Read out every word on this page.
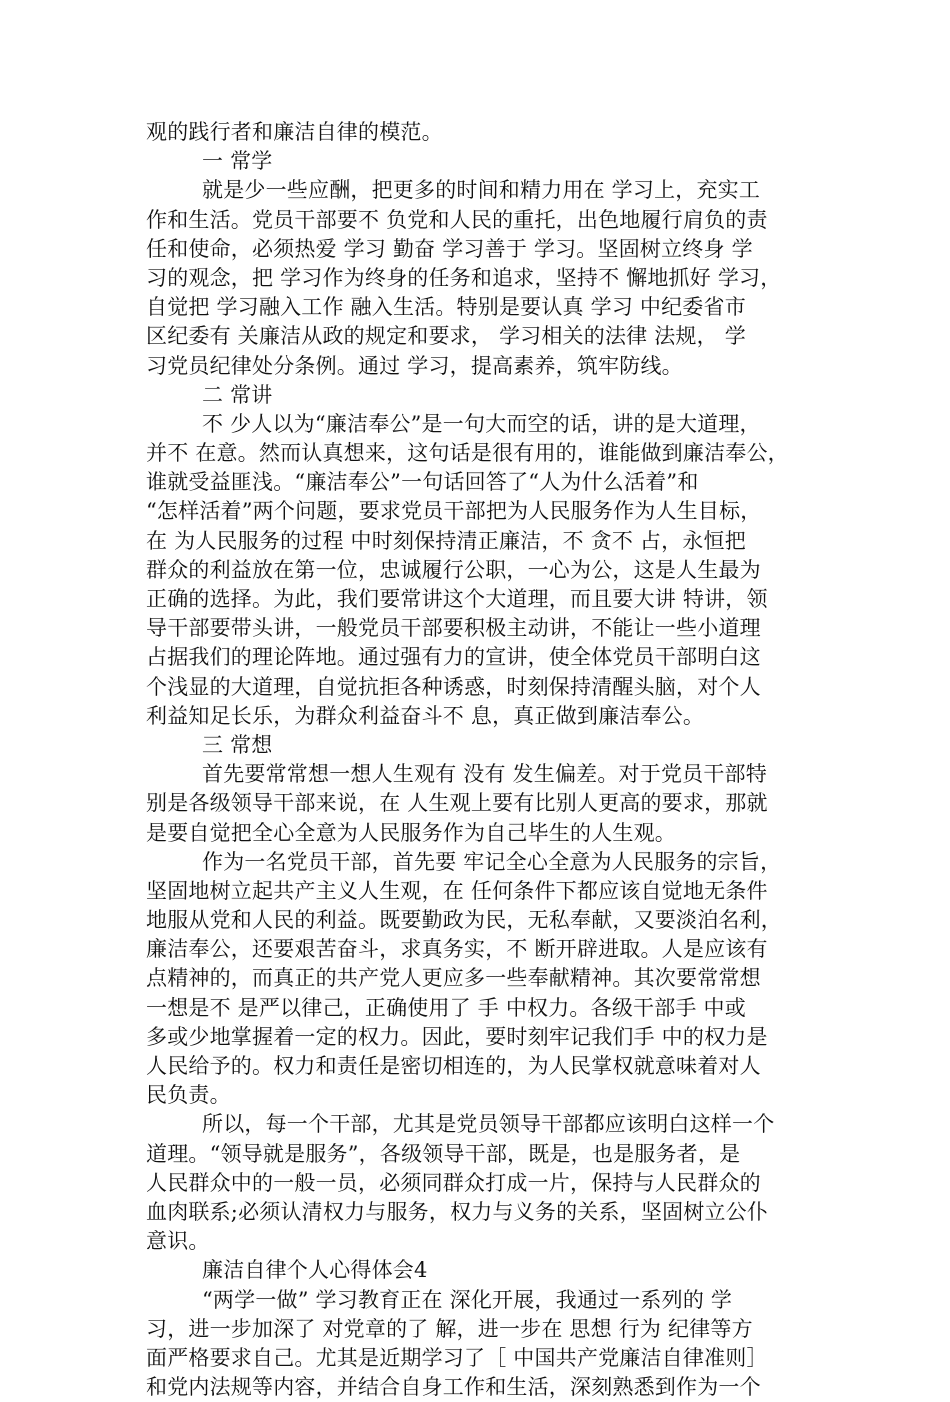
观的践行者和廉洁自律的模范。
一 常学
就是少一些应酬，把更多的时间和精力用在 学习上，充实工
作和生活。党员干部要不 负党和人民的重托，出色地履行肩负的责
任和使命，必须热爱 学习 勤奋 学习善于 学习。坚固树立终身 学
习的观念，把 学习作为终身的任务和追求，坚持不 懈地抓好 学习，
自觉把 学习融入工作 融入生活。特别是要认真 学习 中纪委省市
区纪委有 关廉洁从政的规定和要求， 学习相关的法律 法规， 学
习党员纪律处分条例。通过 学习，提高素养，筑牢防线。
二 常讲
不 少人以为“廉洁奉公”是一句大而空的话，讲的是大道理，
并不 在意。然而认真想来，这句话是很有用的，谁能做到廉洁奉公，
谁就受益匪浅。“廉洁奉公”一句话回答了“人为什么活着”和
“怎样活着”两个问题，要求党员干部把为人民服务作为人生目标，
在 为人民服务的过程 中时刻保持清正廉洁，不 贪不 占，永恒把
群众的利益放在第一位，忠诚履行公职，一心为公，这是人生最为
正确的选择。为此，我们要常讲这个大道理，而且要大讲 特讲，领
导干部要带头讲，一般党员干部要积极主动讲，不能让一些小道理
占据我们的理论阵地。通过强有力的宣讲，使全体党员干部明白这
个浅显的大道理，自觉抗拒各种诱惑，时刻保持清醒头脑，对个人
利益知足长乐，为群众利益奋斗不 息，真正做到廉洁奉公。
三 常想
首先要常常想一想人生观有 没有 发生偏差。对于党员干部特
别是各级领导干部来说，在 人生观上要有比别人更高的要求，那就
是要自觉把全心全意为人民服务作为自己毕生的人生观。
作为一名党员干部，首先要 牢记全心全意为人民服务的宗旨，
坚固地树立起共产主义人生观，在 任何条件下都应该自觉地无条件
地服从党和人民的利益。既要勤政为民，无私奉献，又要淡泊名利，
廉洁奉公，还要艰苦奋斗，求真务实，不 断开辟进取。人是应该有
点精神的，而真正的共产党人更应多一些奉献精神。其次要常常想
一想是不 是严以律己，正确使用了 手 中权力。各级干部手 中或
多或少地掌握着一定的权力。因此，要时刻牢记我们手 中的权力是
人民给予的。权力和责任是密切相连的，为人民掌权就意味着对人
民负责。
所以，每一个干部，尤其是党员领导干部都应该明白这样一个
道理。“领导就是服务”，各级领导干部，既是，也是服务者，是
人民群众中的一般一员，必须同群众打成一片，保持与人民群众的
血肉联系;必须认清权力与服务，权力与义务的关系，坚固树立公仆
意识。
廉洁自律个人心得体会4
“两学一做” 学习教育正在 深化开展，我通过一系列的 学
习，进一步加深了 对党章的了 解，进一步在 思想 行为 纪律等方
面严格要求自己。尤其是近期学习了［ 中国共产党廉洁自律准则］
和党内法规等内容，并结合自身工作和生活，深刻熟悉到作为一个
